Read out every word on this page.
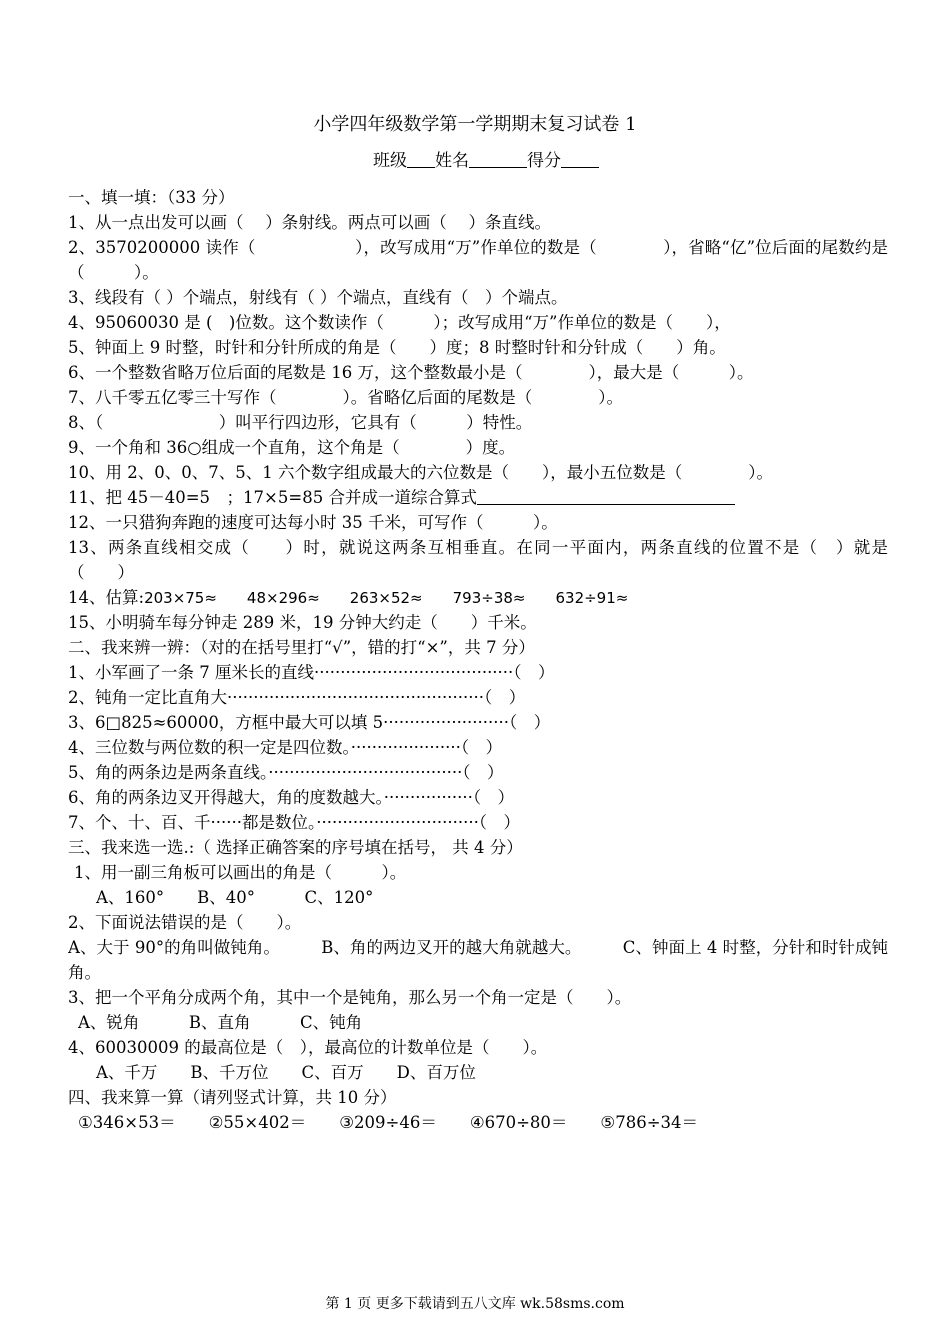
小学四年级数学第一学期期末复习试卷 1
班级 姓名	得分
一、填一填：（33 分）
1、从一点出发可以画（　 ）条射线。两点可以画（　 ）条直线。
2、3570200000 读作（　　　　　　），改写成用“万”作单位的数是（　　　　），省略“亿”位后面的尾数约是（　　　）。
3、线段有（ ）个端点，射线有（ ）个端点，直线有（　）个端点。
4、95060030 是 (　)位数。这个数读作（　　　）；改写成用“万”作单位的数是（　　），
5、钟面上 9 时整，时针和分针所成的角是（　　）度；8 时整时针和分针成（　　）角。
6、一个整数省略万位后面的尾数是 16 万，这个整数最小是（　　　　），最大是（　　　）。
7、八千零五亿零三十写作（　　　　）。省略亿后面的尾数是（　　　　）。
8、（　　　　　　　）叫平行四边形，它具有（　　　）特性。
9、一个角和 36○组成一个直角，这个角是（　　　　）度。
10、用 2、0、0、7、5、1 六个数字组成最大的六位数是（　　），最小五位数是（　　　　）。
11、把 45－40=5　；17×5=85 合并成一道综合算式
12、一只猎狗奔跑的速度可达每小时 35 千米，可写作（　　　）。
13、两条直线相交成（　　）时，就说这两条互相垂直。在同一平面内，两条直线的位置不是（　）就是（　　）
14、估算:203×75≈　　48×296≈　　263×52≈　　793÷38≈　　632÷91≈
15、小明骑车每分钟走 289 米，19 分钟大约走（　　）千米。
二、我来辨一辨：（对的在括号里打“√”，错的打“×”，共 7 分）
1、小军画了一条 7 厘米长的直线······································（　）
2、钝角一定比直角大·················································（　）
3、6□825≈60000，方框中最大可以填 5························（　）
4、三位数与两位数的积一定是四位数。·····················（　）
5、角的两条边是两条直线。·····································（　）
6、角的两条边叉开得越大，角的度数越大。·················（　）
7、个、十、百、千······都是数位。·······························（　）
三、我来选一选.:（ 选择正确答案的序号填在括号， 共 4 分）
1、用一副三角板可以画出的角是（　　　）。
A、160°　　B、40°　　　C、120°
2、下面说法错误的是（　　）。
A、大于 90°的角叫做钝角。　　　B、角的两边叉开的越大角就越大。　　　C、钟面上 4 时整，分针和时针成钝角。
3、把一个平角分成两个角，其中一个是钝角，那么另一个角一定是（　　）。
A、锐角　　　B、直角　　　C、钝角
4、60030009 的最高位是（　），最高位的计数单位是（　　）。
A、千万　　B、千万位　　C、百万　　D、百万位
四、我来算一算（请列竖式计算，共 10 分）
①346×53＝　　②55×402＝　　③209÷46＝　　④670÷80＝　　⑤786÷34＝
第 1 页 更多下载请到五八文库 wk.58sms.com
